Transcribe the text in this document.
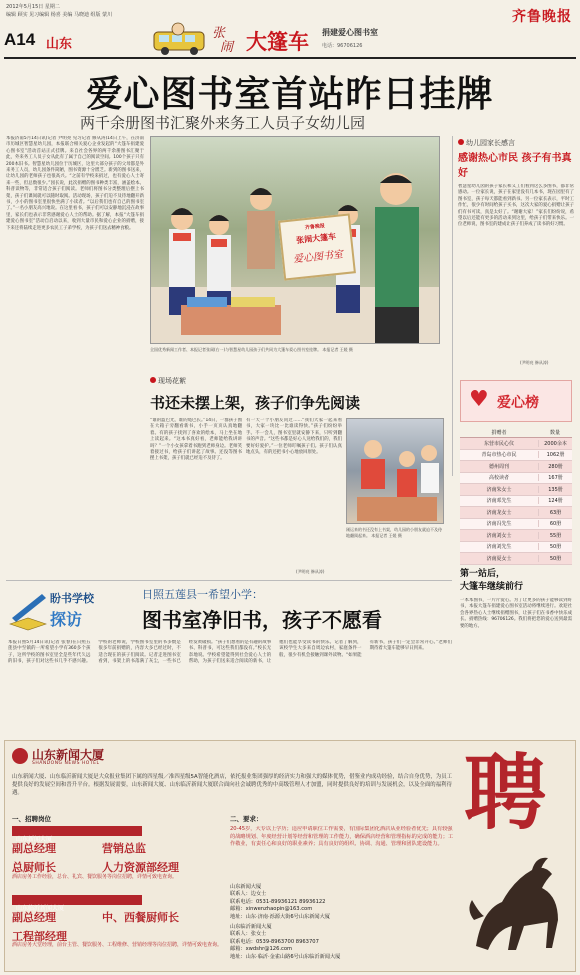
2012年5月15日 星期二
编辑 顾实 见习编辑 杨喜 美编 马晓迪 组版 蒙川	齐鲁晚报
A14 山东
张
闹 大篷车 捐建爱心图书室
电话：96706126
爱心图书室首站昨日挂牌
两千余册图书汇聚外来务工人员子女幼儿园
本报济南5月14日讯(记者 尹明亮 见习记者 修从涛)14日上午，在济南市历城区智慧星幼儿园，本报联合相关爱心企业发起的“大篷车捐建爱心图书室”活动首站正式挂牌。来自社会各界的两千余册图书汇聚于此，外来务工人员子女从此有了属于自己的阅读空间。100个孩子只有200本旧书。智慧星幼儿园位于历城区，这里大部分孩子的父母都是外来务工人员，幼儿园条件简陋，图书资源十分匮乏。新到的图书送来，让幼儿园的老师孩子也很高兴。“之前有学校来捐过，也有爱心人士寄来一些，但总数很少。”园长说，此次捐赠的图书种类丰富，涵盖绘本、科普读物等，非常适合孩子们阅读。老师们将图书分类整理后摆上书架，孩子们课间就可以随时取阅。活动现场，孩子们迫不及待地翻开新书，小小的图书室里很快坐满了小读者。“以后我们也有自己的图书室了。”一名小朋友高兴地说。在这里看书，孩子们可以安静地沉浸在故事里，家长们也表示非常感谢爱心人士的帮助。据了解，本报“大篷车捐建爱心图书室”活动自启动以来，收到大量市民和爱心企业的捐赠，接下来还将陆续走进更多农民工子弟学校，为孩子们送去精神食粮。	齐鲁晚报
张闹大篷车
爱心图书室
全国优秀新闻工作者、本报记者张闹(右一)与智慧星幼儿园孩子们共同为大篷车爱心图书室挂牌。 本报记者 王媛 摄
幼儿园家长感言
感谢热心市民 孩子有书真好
智慧星幼儿园的孩子家长和义工们看到这么多图书，都非常感动。一位家长说，孩子在家里没有几本书，现在园里有了图书室，孩子每天都能看到新书。另一位家长表示，平时工作忙，很少有时间给孩子买书，这次大家的爱心捐赠让孩子们有书可读，真是太好了。“谢谢大家！”家长们纷纷说，希望以后还能有更多的活动来到这里，给孩子们带来快乐。一位老师说，图书室的建成让孩子们养成了读书的好习惯。
(尹明亮 修从涛)
现场花絮
书还未摆上架，孩子们争先阅读
“谁的篮巴光，谁的尾巴长。”14日，一群孩子围在大箱子旁翻看新书，小手一页页认真地翻着。有的孩子找到了喜欢的绘本，马上坐在地上读起来。“这本书真好看，老师能给我讲讲吗？”一个小女孩拿着书跑到老师身边。老师笑着接过书，给孩子们讲起了故事。还没等图书摆上书架，孩子们就已经迫不及待了。
有一天一个小朋友问过……“我们大家一起来看书，大家一块比一比谁读得快。”孩子们纷纷举手。不一会儿，图书室里就安静下来，只听到翻书的声音。“这些书都是好心人送给我们的，我们要好好爱护。”一位老师叮嘱孩子们。孩子们认真地点头，有的还把书小心地放回原处。
(尹明亮 修从涛)
刚运来的书还没有上书架，幼儿园的小朋友就迫不及待地翻阅起来。 本报记者 王媛 摄
♥ 爱心榜
捐赠者	数量
东营市民心仪	2000余本
青岛市热心市民	1062册
德州周刊	280册
高校读者	167册
济南朱女士	135册
济南邓先生	124册
济南龙女士	63册
济南冯先生	60册
济南刘女士	55册
济南刘先生	50册
济南夏女士	50册
第一站后，
大篷车继续前行
一本本图书，一片片爱心。为了让更多的孩子能够读到好书，本报大篷车捐建爱心图书室活动将继续进行。欢迎社会各界热心人士继续捐赠图书，让孩子们在书香中快乐成长。捐赠热线：96706126。我们将把您的爱心送到最需要的地方。
盼书学校
探访
日照五莲县一希望小学：
图书室净旧书，孩子不愿看
本报日照5月14日讯(记者 张春)在日照五莲县中至镇的一所希望小学有360多个孩子，这所学校的图书室里全是些年代久远的旧书，孩子们对这些书几乎不感兴趣。学校的老师说，学校图书室里的书多数是很多年前捐赠的，内容大多已经过时，不适合现在的孩子们阅读。记者走进图书室看到，书架上的书落满了灰尘，一些书已经发黄破损。“孩子们想看的是有趣的故事书、科普书，可这些我们都没有。”校长无奈地说。学校希望能得到社会爱心人士的帮助，为孩子们送来适合阅读的新书，让他们也能享受读书的快乐。记者了解到，该校学生大多来自周边农村，家庭条件一般，很少有机会接触到课外读物。“如果能有新书，孩子们一定会非常开心。”老师们期待着大篷车能够早日到来。
山东新闻大厦
SHANDONG NEWS HOTEL
山东新闻大厦、山东临沂新闻大厦是大众报业集团下属的四星级／准四星级5A智能化酒店，依托报业集团强厚的经济实力和强大的媒体优势，借鉴业内成功经验，结合自身优势，为员工提供良好的发展空间和晋升平台。根据发展需要，山东新闻大厦、山东临沂新闻大厦联合面向社会诚聘优秀的中高级管理人才加盟，同时提供良好的培训与发展机会，以及全面的福利待遇。
一、招聘岗位
山东新闻大厦
副总经理	营销总监
总厨师长	人力资源部经理
酒店房务工作经验，总台、礼宾、餐饮服务等岗位招聘，详情可致电查询。
山东临沂新闻大厦
副总经理	中、西餐厨师长
工程部经理
酒店房务大堂经理，前台主管、餐饮服务、工程维修、营销经理等岗位招聘，详情可致电查询。
二、要求：
20-45岁，大专以上学历；适应申请职位工作需要，有国际集团化酒店从业经验者优先；具有较强的战略规划、年度经营计划等经营和管理的工作能力，确保酒店经营和管理指标的完成的能力；工作敬业，有责任心和良好的职业素养；具有良好的组织、协调、沟通、管理和团队建设能力。
山东新闻大厦
联系人：边女士
联系电话：0531-89936121 89936122
邮箱：xinwenzhaopin@163.com
地址：山东·济南·泺源大街6号山东新闻大厦
山东临沂新闻大厦
联系人：张女士
联系电话：0539-8963700 8963707
邮箱：xwdshr@126.com
地址：山东·临沂·金雀山路6号山东临沂新闻大厦
聘
